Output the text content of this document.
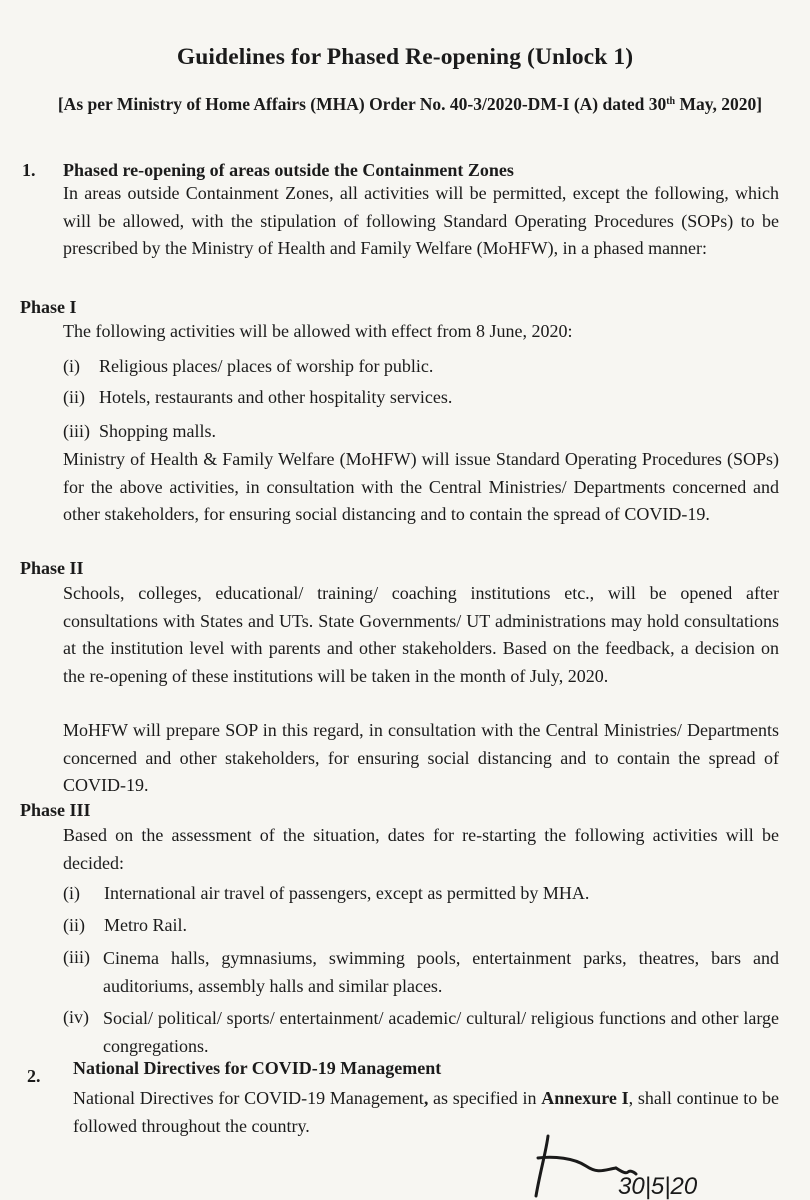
Guidelines for Phased Re-opening (Unlock 1)
[As per Ministry of Home Affairs (MHA) Order No. 40-3/2020-DM-I (A) dated 30th May, 2020]
1. Phased re-opening of areas outside the Containment Zones
In areas outside Containment Zones, all activities will be permitted, except the following, which will be allowed, with the stipulation of following Standard Operating Procedures (SOPs) to be prescribed by the Ministry of Health and Family Welfare (MoHFW), in a phased manner:
Phase I
The following activities will be allowed with effect from 8 June, 2020:
(i) Religious places/ places of worship for public.
(ii) Hotels, restaurants and other hospitality services.
(iii) Shopping malls.
Ministry of Health & Family Welfare (MoHFW) will issue Standard Operating Procedures (SOPs) for the above activities, in consultation with the Central Ministries/ Departments concerned and other stakeholders, for ensuring social distancing and to contain the spread of COVID-19.
Phase II
Schools, colleges, educational/ training/ coaching institutions etc., will be opened after consultations with States and UTs. State Governments/ UT administrations may hold consultations at the institution level with parents and other stakeholders. Based on the feedback, a decision on the re-opening of these institutions will be taken in the month of July, 2020.
MoHFW will prepare SOP in this regard, in consultation with the Central Ministries/ Departments concerned and other stakeholders, for ensuring social distancing and to contain the spread of COVID-19.
Phase III
Based on the assessment of the situation, dates for re-starting the following activities will be decided:
(i) International air travel of passengers, except as permitted by MHA.
(ii) Metro Rail.
(iii) Cinema halls, gymnasiums, swimming pools, entertainment parks, theatres, bars and auditoriums, assembly halls and similar places.
(iv) Social/ political/ sports/ entertainment/ academic/ cultural/ religious functions and other large congregations.
2. National Directives for COVID-19 Management
National Directives for COVID-19 Management, as specified in Annexure I, shall continue to be followed throughout the country.
30|5|20
